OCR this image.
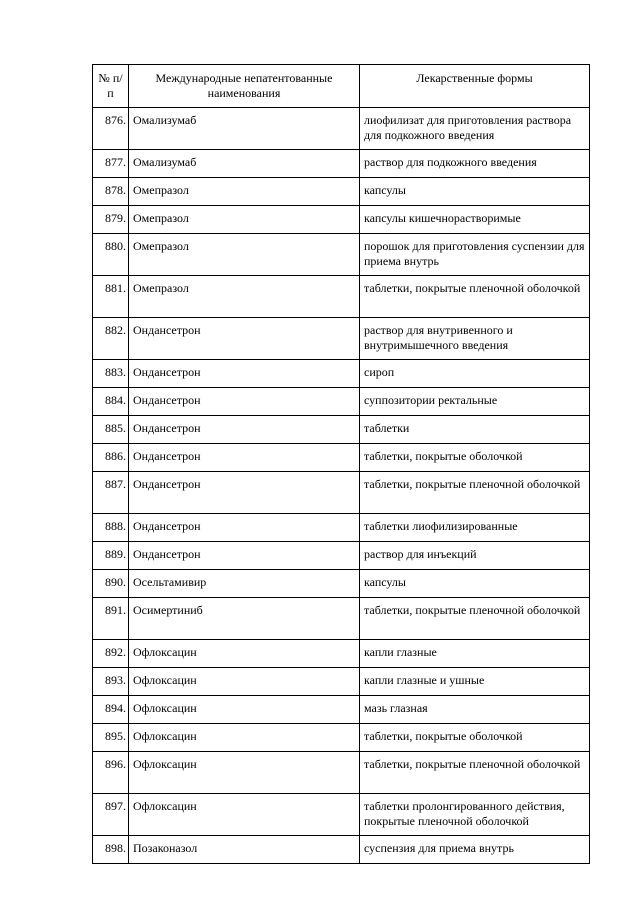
№ п/п	Международные непатентованные наименования	Лекарственные формы
876.	Омализумаб	лиофилизат для приготовления раствора для подкожного введения
877.	Омализумаб	раствор для подкожного введения
878.	Омепразол	капсулы
879.	Омепразол	капсулы кишечнорастворимые
880.	Омепразол	порошок для приготовления суспензии для приема внутрь
881.	Омепразол	таблетки, покрытые пленочной оболочкой
882.	Ондансетрон	раствор для внутривенного и внутримышечного введения
883.	Ондансетрон	сироп
884.	Ондансетрон	суппозитории ректальные
885.	Ондансетрон	таблетки
886.	Ондансетрон	таблетки, покрытые оболочкой
887.	Ондансетрон	таблетки, покрытые пленочной оболочкой
888.	Ондансетрон	таблетки лиофилизированные
889.	Ондансетрон	раствор для инъекций
890.	Осельтамивир	капсулы
891.	Осимертиниб	таблетки, покрытые пленочной оболочкой
892.	Офлоксацин	капли глазные
893.	Офлоксацин	капли глазные и ушные
894.	Офлоксацин	мазь глазная
895.	Офлоксацин	таблетки, покрытые оболочкой
896.	Офлоксацин	таблетки, покрытые пленочной оболочкой
897.	Офлоксацин	таблетки пролонгированного действия, покрытые пленочной оболочкой
898.	Позаконазол	суспензия для приема внутрь
